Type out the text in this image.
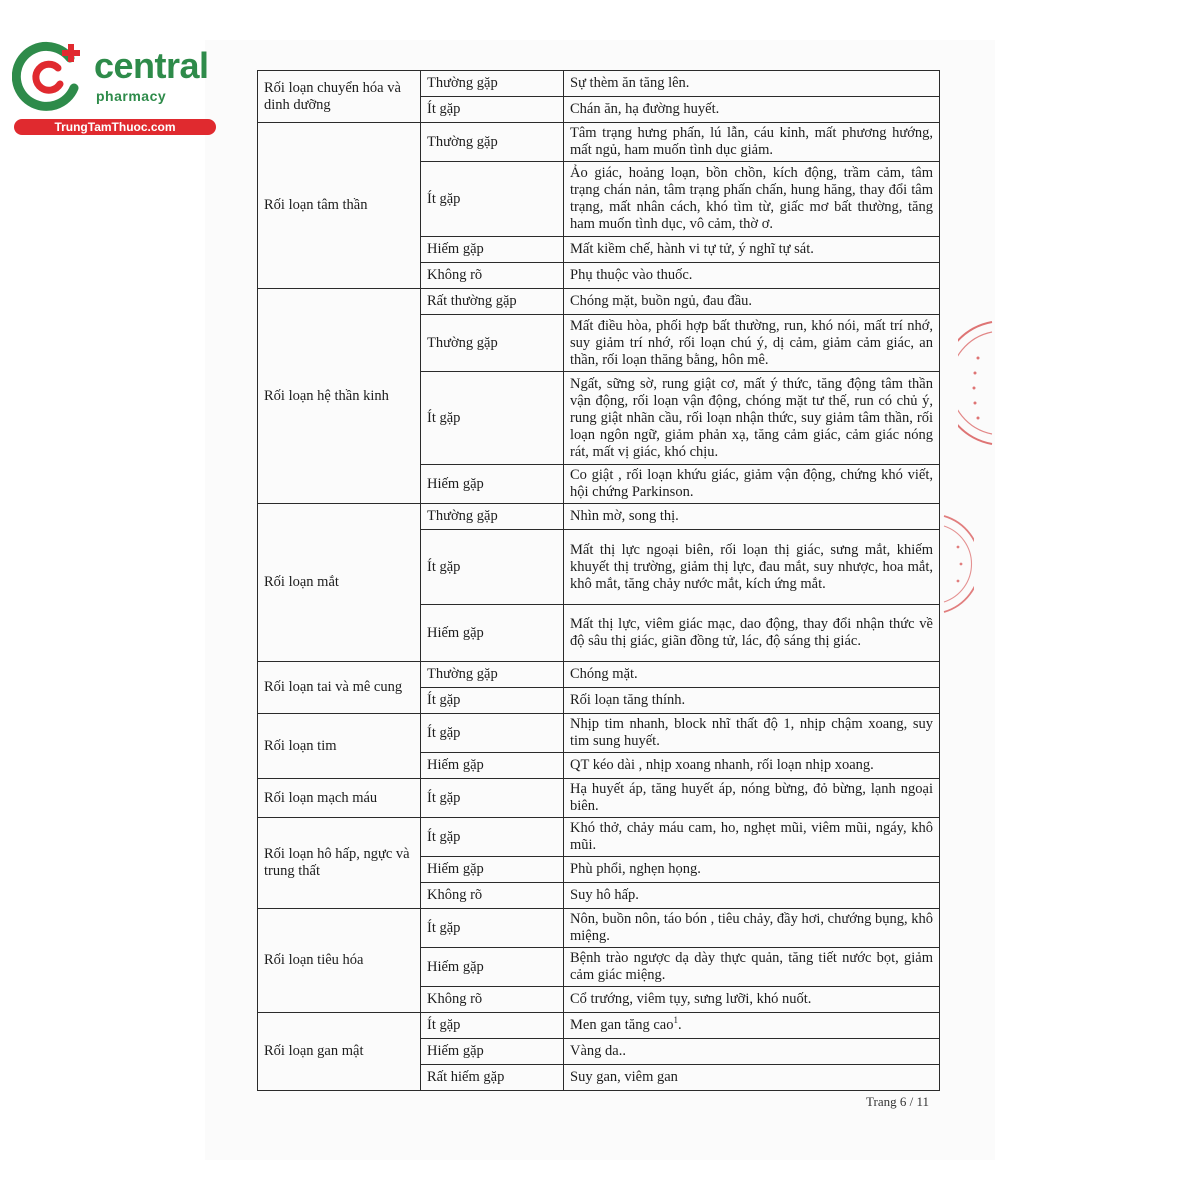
central
pharmacy
TrungTamThuoc.com
Rối loạn chuyển hóa và dinh dưỡng	Thường gặp	Sự thèm ăn tăng lên.
	Ít gặp	Chán ăn, hạ đường huyết.
Rối loạn tâm thần	Thường gặp	Tâm trạng hưng phấn, lú lẫn, cáu kỉnh, mất phương hướng, mất ngủ, ham muốn tình dục giảm.
	Ít gặp	Ảo giác, hoảng loạn, bồn chồn, kích động, trầm cảm, tâm trạng chán nản, tâm trạng phấn chấn, hung hăng, thay đổi tâm trạng, mất nhân cách, khó tìm từ, giấc mơ bất thường, tăng ham muốn tình dục, vô cảm, thờ ơ.
	Hiếm gặp	Mất kiềm chế, hành vi tự tử, ý nghĩ tự sát.
	Không rõ	Phụ thuộc vào thuốc.
Rối loạn hệ thần kinh	Rất thường gặp	Chóng mặt, buồn ngủ, đau đầu.
	Thường gặp	Mất điều hòa, phối hợp bất thường, run, khó nói, mất trí nhớ, suy giảm trí nhớ, rối loạn chú ý, dị cảm, giảm cảm giác, an thần, rối loạn thăng bằng, hôn mê.
	Ít gặp	Ngất, sững sờ, rung giật cơ, mất ý thức, tăng động tâm thần vận động, rối loạn vận động, chóng mặt tư thế, run có chủ ý, rung giật nhãn cầu, rối loạn nhận thức, suy giảm tâm thần, rối loạn ngôn ngữ, giảm phản xạ, tăng cảm giác, cảm giác nóng rát, mất vị giác, khó chịu.
	Hiếm gặp	Co giật , rối loạn khứu giác, giảm vận động, chứng khó viết, hội chứng Parkinson.
Rối loạn mắt	Thường gặp	Nhìn mờ, song thị.
	Ít gặp	Mất thị lực ngoại biên, rối loạn thị giác, sưng mắt, khiếm khuyết thị trường, giảm thị lực, đau mắt, suy nhược, hoa mắt, khô mắt, tăng chảy nước mắt, kích ứng mắt.
	Hiếm gặp	Mất thị lực, viêm giác mạc, dao động, thay đổi nhận thức về độ sâu thị giác, giãn đồng tử, lác, độ sáng thị giác.
Rối loạn tai và mê cung	Thường gặp	Chóng mặt.
	Ít gặp	Rối loạn tăng thính.
Rối loạn tim	Ít gặp	Nhịp tim nhanh, block nhĩ thất độ 1, nhịp chậm xoang, suy tim sung huyết.
	Hiếm gặp	QT kéo dài , nhịp xoang nhanh, rối loạn nhịp xoang.
Rối loạn mạch máu	Ít gặp	Hạ huyết áp, tăng huyết áp, nóng bừng, đỏ bừng, lạnh ngoại biên.
Rối loạn hô hấp, ngực và trung thất	Ít gặp	Khó thở, chảy máu cam, ho, nghẹt mũi, viêm mũi, ngáy, khô mũi.
	Hiếm gặp	Phù phổi, nghẹn họng.
	Không rõ	Suy hô hấp.
Rối loạn tiêu hóa	Ít gặp	Nôn, buồn nôn, táo bón , tiêu chảy, đầy hơi, chướng bụng, khô miệng.
	Hiếm gặp	Bệnh trào ngược dạ dày thực quản, tăng tiết nước bọt, giảm cảm giác miệng.
	Không rõ	Cổ trướng, viêm tụy, sưng lưỡi, khó nuốt.
Rối loạn gan mật	Ít gặp	Men gan tăng cao$^1$.
	Hiếm gặp	Vàng da..
	Rất hiếm gặp	Suy gan, viêm gan
Trang 6 / 11
